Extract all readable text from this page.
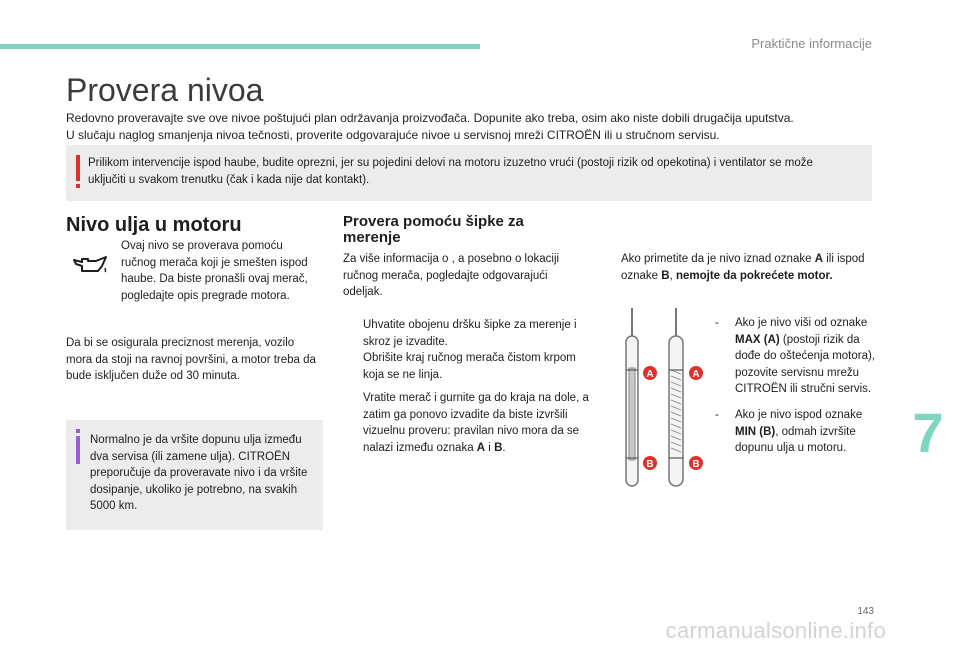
Praktične informacije
Provera nivoa

Redovno proveravajte sve ove nivoe poštujući plan održavanja proizvođača. Dopunite ako treba, osim ako niste dobili drugačija uputstva.
U slučaju naglog smanjenja nivoa tečnosti, proverite odgovarajuće nivoe u servisnoj mreži CITROËN ili u stručnom servisu.

Prilikom intervencije ispod haube, budite oprezni, jer su pojedini delovi na motoru izuzetno vrući (postoji rizik od opekotina) i ventilator se može uključiti u svakom trenutku (čak i kada nije dat kontakt).
Nivo ulja u motoru

Ovaj nivo se proverava pomoću ručnog merača koji je smešten ispod haube. Da biste pronašli ovaj merač, pogledajte opis pregrade motora.

Da bi se osigurala preciznost merenja, vozilo mora da stoji na ravnoj površini, a motor treba da bude isključen duže od 30 minuta.

Normalno je da vršite dopunu ulja između dva servisa (ili zamene ulja). CITROËN preporučuje da proveravate nivo i da vršite dosipanje, ukoliko je potrebno, na svakih 5000 km.
Provera pomoću šipke za merenje

Za više informacija o , a posebno o lokaciji ručnog merača, pogledajte odgovarajući odeljak.

Uhvatite obojenu dršku šipke za merenje i skroz je izvadite.
Obrišite kraj ručnog merača čistom krpom koja se ne linja.
Vratite merač i gurnite ga do kraja na dole, a zatim ga ponovo izvadite da biste izvršili vizuelnu proveru: pravilan nivo mora da se nalazi između oznaka A i B.

Ako primetite da je nivo iznad oznake A ili ispod oznake B, nemojte da pokrećete motor.

A	A
B	B
- Ako je nivo viši od oznake MAX (A) (postoji rizik da dođe do oštećenja motora), pozovite servisnu mrežu CITROËN ili stručni servis.
- Ako je nivo ispod oznake MIN (B), odmah izvršite dopunu ulja u motoru.	7
143
carmanualsonline.info
